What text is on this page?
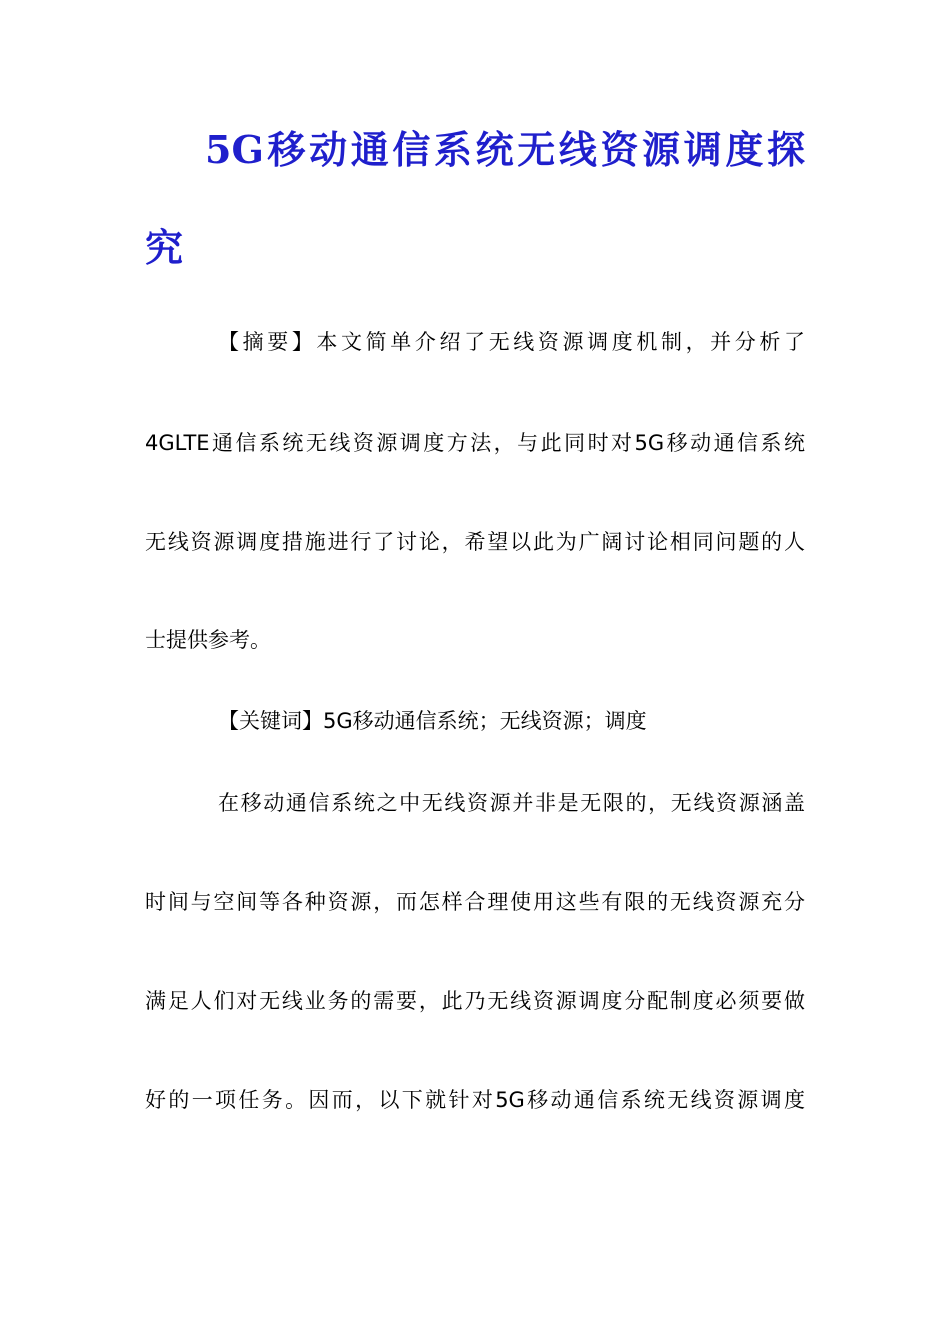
5G移动通信系统无线资源调度探
究
【摘要】本文简单介绍了无线资源调度机制，并分析了
4GLTE通信系统无线资源调度方法，与此同时对5G移动通信系统
无线资源调度措施进行了讨论，希望以此为广阔讨论相同问题的人
士提供参考。
【关键词】5G移动通信系统；无线资源；调度
在移动通信系统之中无线资源并非是无限的，无线资源涵盖
时间与空间等各种资源，而怎样合理使用这些有限的无线资源充分
满足人们对无线业务的需要，此乃无线资源调度分配制度必须要做
好的一项任务。因而，以下就针对5G移动通信系统无线资源调度
